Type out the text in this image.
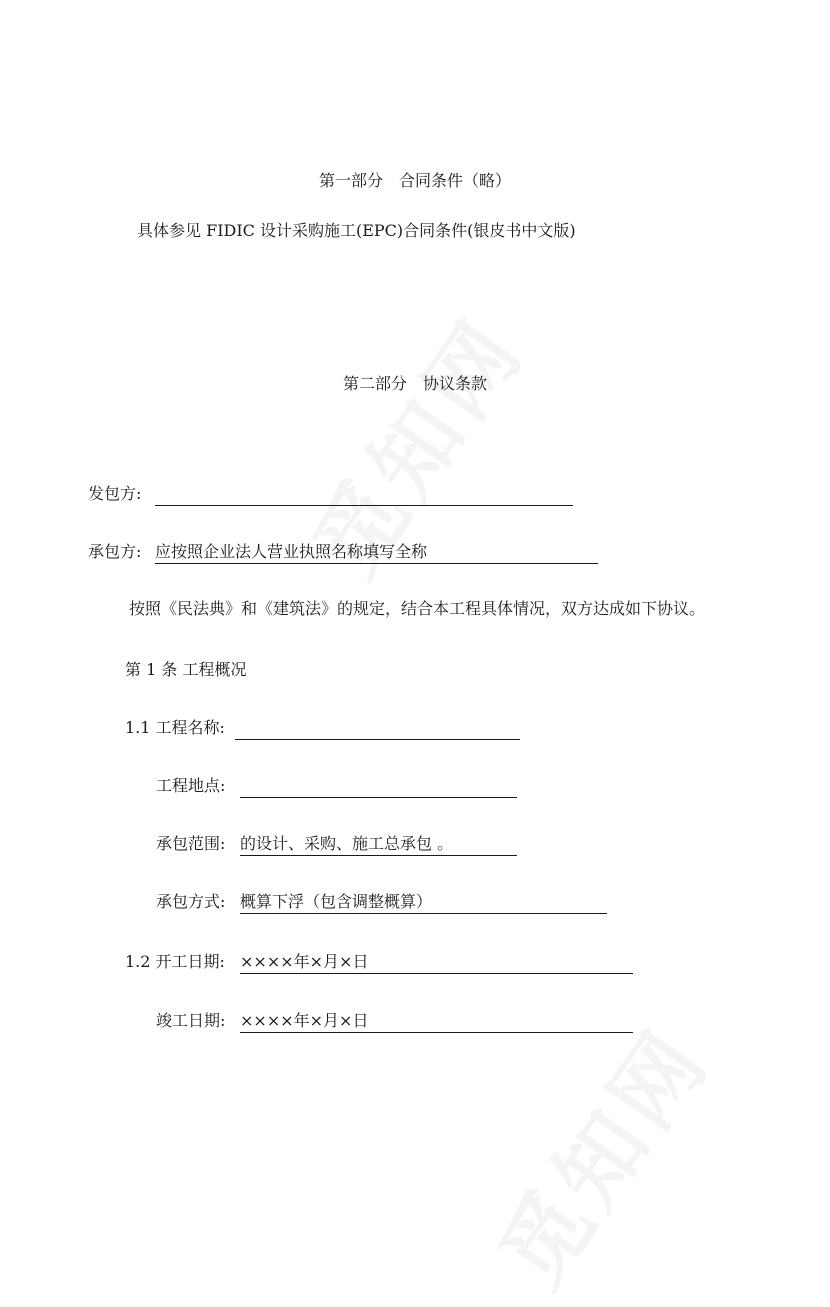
第一部分　合同条件（略）
具体参见 FIDIC 设计采购施工(EPC)合同条件(银皮书中文版)
第二部分　协议条款
发包方:
承包方: 应按照企业法人营业执照名称填写全称
按照《民法典》和《建筑法》的规定，结合本工程具体情况，双方达成如下协议。
第 1 条 工程概况
1.1 工程名称:
工程地点:
承包范围: 的设计、采购、施工总承包 。
承包方式: 概算下浮（包含调整概算）
1.2 开工日期: ××××年×月×日
竣工日期: ××××年×月×日
